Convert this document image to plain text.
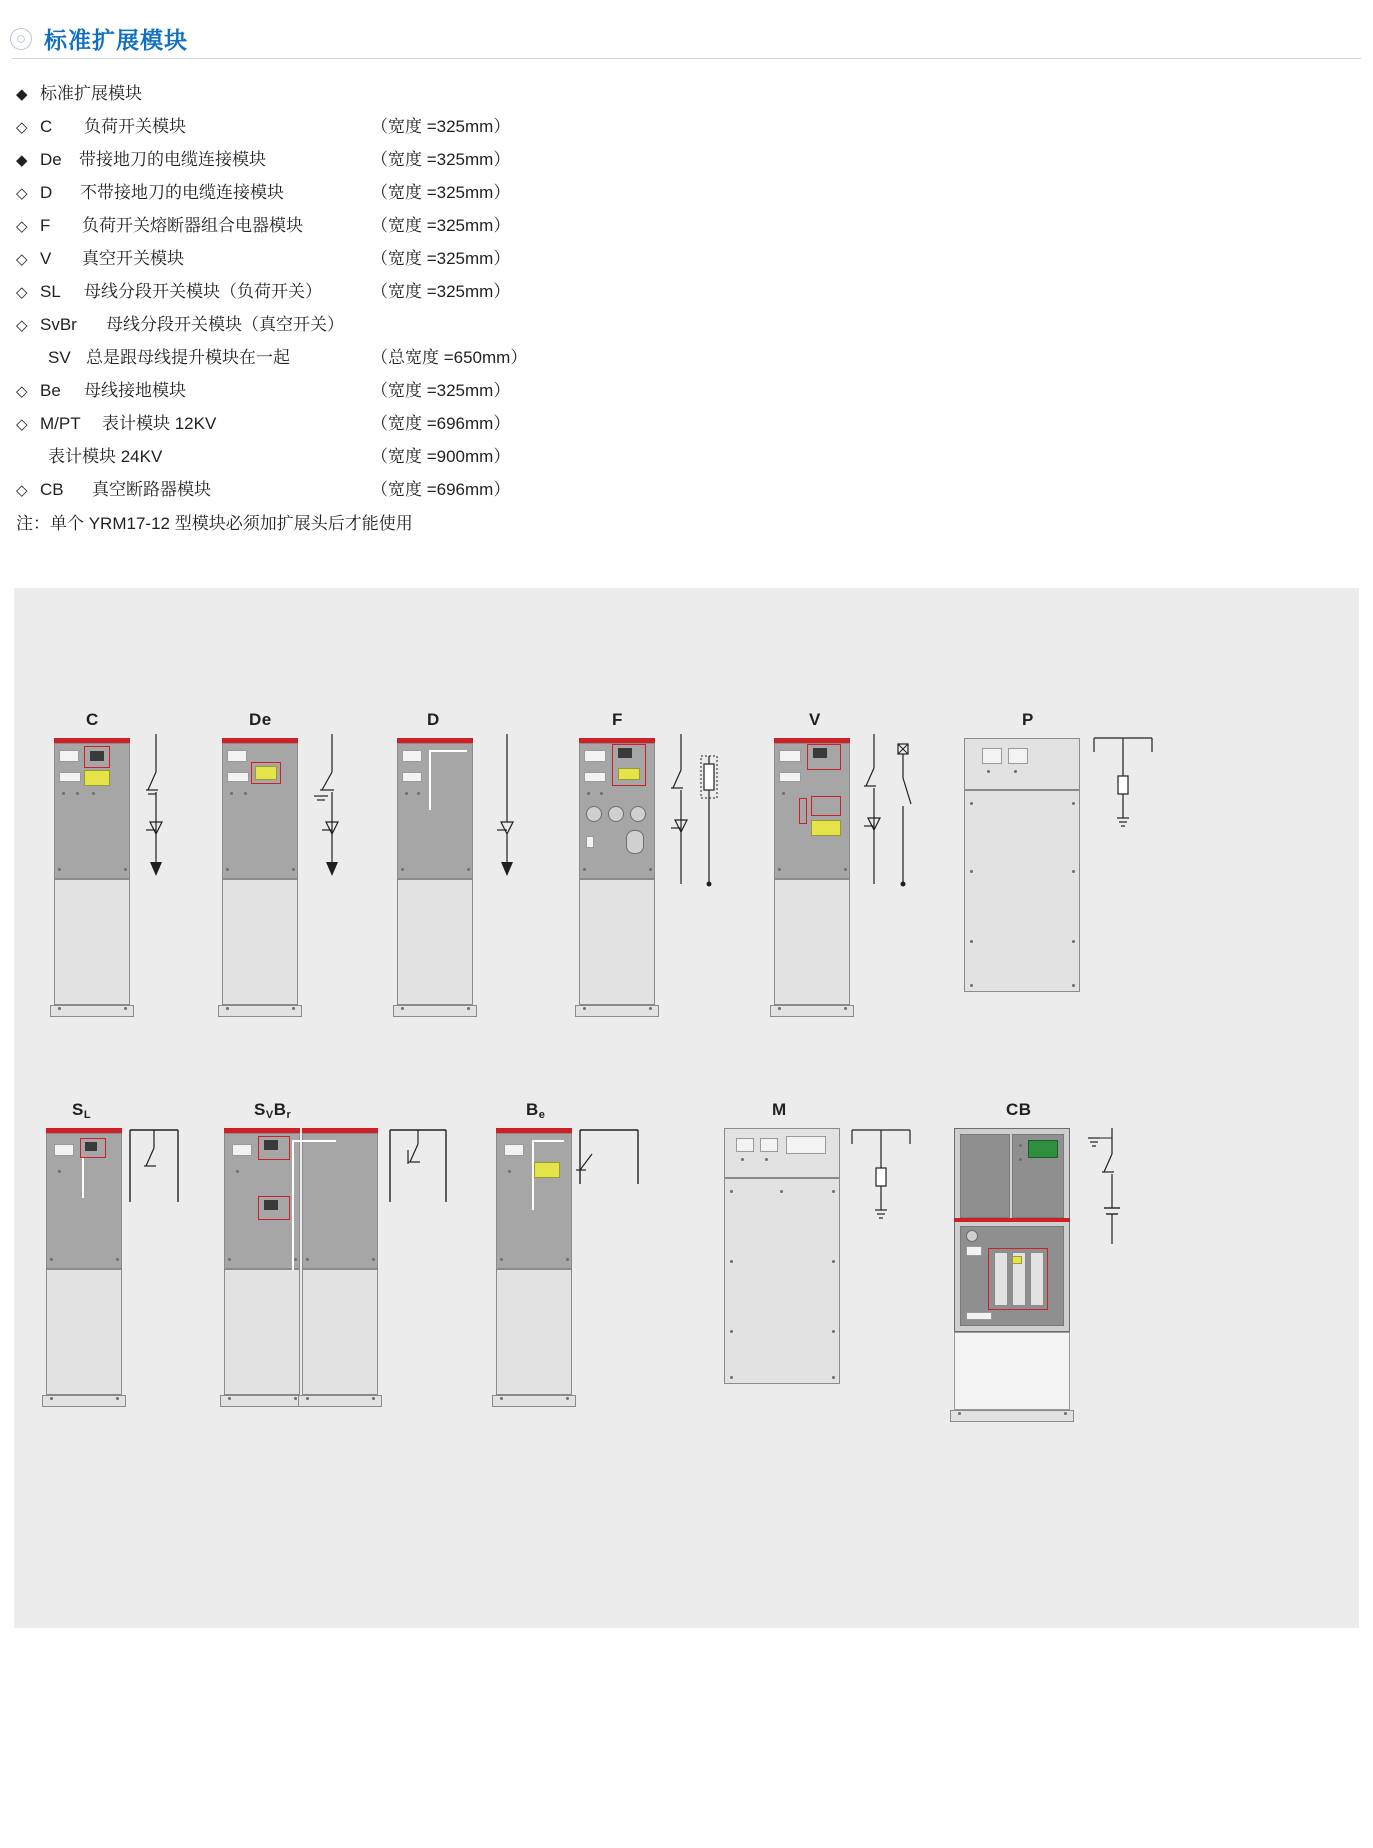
标准扩展模块
◆ 标准扩展模块
◇ C 负荷开关模块	（宽度 =325mm）
◆ De 带接地刀的电缆连接模块	（宽度 =325mm）
◇ D 不带接地刀的电缆连接模块	（宽度 =325mm）
◇ F 负荷开关熔断器组合电器模块	（宽度 =325mm）
◇ V 真空开关模块	（宽度 =325mm）
◇ SL 母线分段开关模块（负荷开关）	（宽度 =325mm）
◇ SvBr 母线分段开关模块（真空开关）
SV 总是跟母线提升模块在一起	（总宽度 =650mm）
◇ Be 母线接地模块	（宽度 =325mm）
◇ M/PT 表计模块 12KV	（宽度 =696mm）
表计模块 24KV	（宽度 =900mm）
◇ CB 真空断路器模块	（宽度 =696mm）
注：单个 YRM17-12 型模块必须加扩展头后才能使用
C	De	D	F	V	P
$S_L$	$S_VB_r$	$B_e$	M	CB
